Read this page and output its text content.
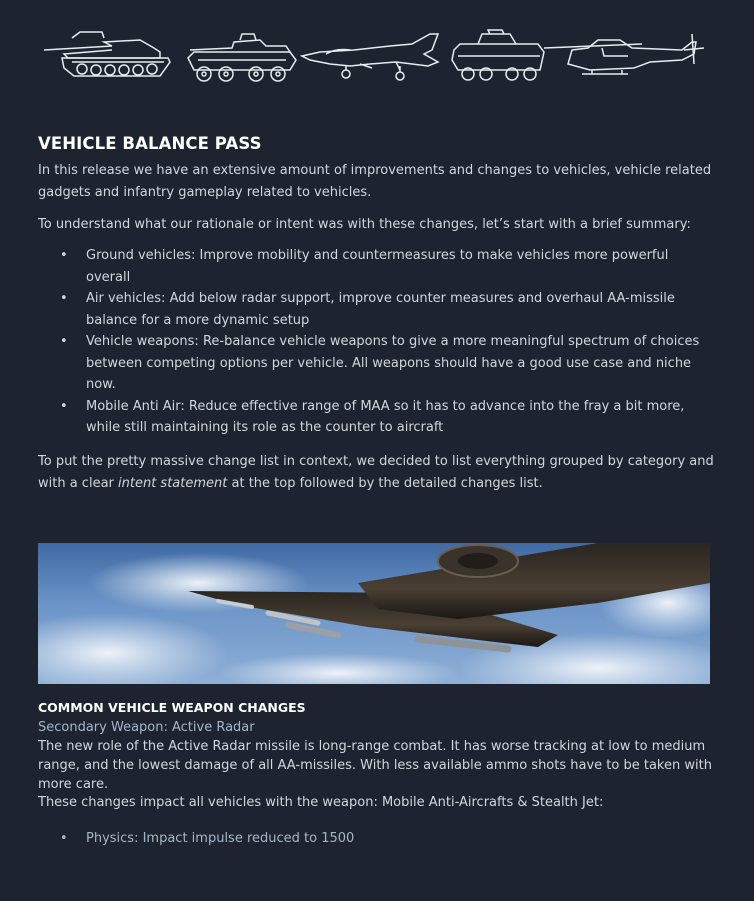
VEHICLE BALANCE PASS

In this release we have an extensive amount of improvements and changes to vehicles, vehicle related gadgets and infantry gameplay related to vehicles.

To understand what our rationale or intent was with these changes, let’s start with a brief summary:

• Ground vehicles: Improve mobility and countermeasures to make vehicles more powerful overall
• Air vehicles: Add below radar support, improve counter measures and overhaul AA-missile balance for a more dynamic setup
• Vehicle weapons: Re-balance vehicle weapons to give a more meaningful spectrum of choices between competing options per vehicle. All weapons should have a good use case and niche now.
• Mobile Anti Air: Reduce effective range of MAA so it has to advance into the fray a bit more, while still maintaining its role as the counter to aircraft

To put the pretty massive change list in context, we decided to list everything grouped by category and with a clear intent statement at the top followed by the detailed changes list.

COMMON VEHICLE WEAPON CHANGES

Secondary Weapon: Active Radar

The new role of the Active Radar missile is long-range combat. It has worse tracking at low to medium range, and the lowest damage of all AA-missiles. With less available ammo shots have to be taken with more care.

These changes impact all vehicles with the weapon: Mobile Anti-Aircrafts & Stealth Jet:

• Physics: Impact impulse reduced to 1500
